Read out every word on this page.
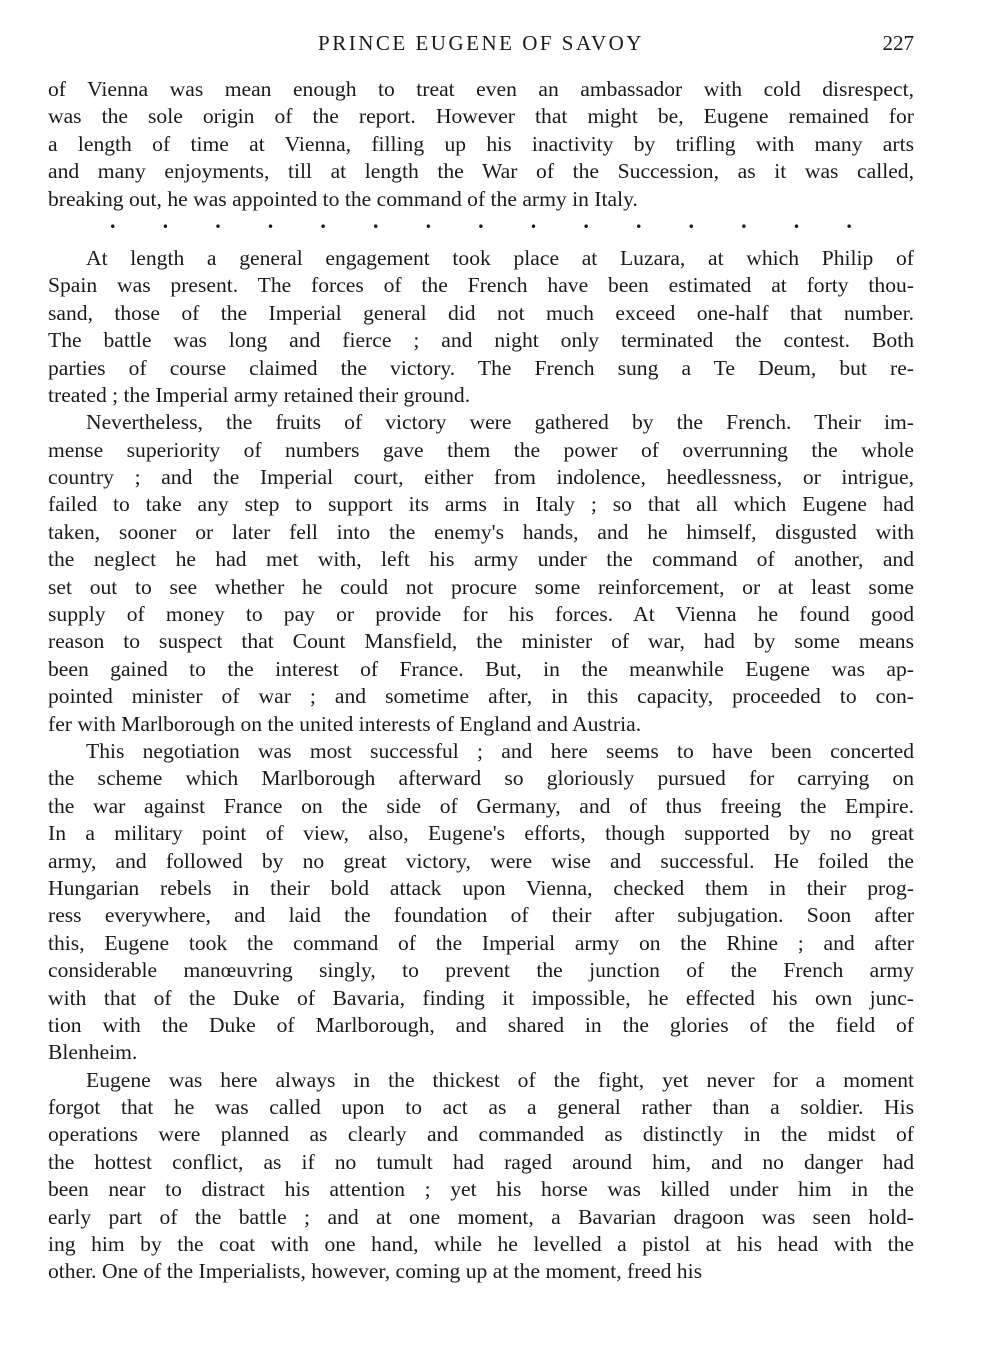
PRINCE EUGENE OF SAVOY	227
of Vienna was mean enough to treat even an ambassador with cold disrespect,
was the sole origin of the report. However that might be, Eugene remained for
a length of time at Vienna, filling up his inactivity by trifling with many arts
and many enjoyments, till at length the War of the Succession, as it was called,
breaking out, he was appointed to the command of the army in Italy.
. . . . . . . . . . . . . . .
At length a general engagement took place at Luzara, at which Philip of
Spain was present. The forces of the French have been estimated at forty thou-
sand, those of the Imperial general did not much exceed one-half that number.
The battle was long and fierce ; and night only terminated the contest. Both
parties of course claimed the victory. The French sung a Te Deum, but re-
treated ; the Imperial army retained their ground.
Nevertheless, the fruits of victory were gathered by the French. Their im-
mense superiority of numbers gave them the power of overrunning the whole
country ; and the Imperial court, either from indolence, heedlessness, or intrigue,
failed to take any step to support its arms in Italy ; so that all which Eugene had
taken, sooner or later fell into the enemy's hands, and he himself, disgusted with
the neglect he had met with, left his army under the command of another, and
set out to see whether he could not procure some reinforcement, or at least some
supply of money to pay or provide for his forces. At Vienna he found good
reason to suspect that Count Mansfield, the minister of war, had by some means
been gained to the interest of France. But, in the meanwhile Eugene was ap-
pointed minister of war ; and sometime after, in this capacity, proceeded to con-
fer with Marlborough on the united interests of England and Austria.
This negotiation was most successful ; and here seems to have been concerted
the scheme which Marlborough afterward so gloriously pursued for carrying on
the war against France on the side of Germany, and of thus freeing the Empire.
In a military point of view, also, Eugene's efforts, though supported by no great
army, and followed by no great victory, were wise and successful. He foiled the
Hungarian rebels in their bold attack upon Vienna, checked them in their prog-
ress everywhere, and laid the foundation of their after subjugation. Soon after
this, Eugene took the command of the Imperial army on the Rhine ; and after
considerable manœuvring singly, to prevent the junction of the French army
with that of the Duke of Bavaria, finding it impossible, he effected his own junc-
tion with the Duke of Marlborough, and shared in the glories of the field of
Blenheim.
Eugene was here always in the thickest of the fight, yet never for a moment
forgot that he was called upon to act as a general rather than a soldier. His
operations were planned as clearly and commanded as distinctly in the midst of
the hottest conflict, as if no tumult had raged around him, and no danger had
been near to distract his attention ; yet his horse was killed under him in the
early part of the battle ; and at one moment, a Bavarian dragoon was seen hold-
ing him by the coat with one hand, while he levelled a pistol at his head with the
other. One of the Imperialists, however, coming up at the moment, freed his
